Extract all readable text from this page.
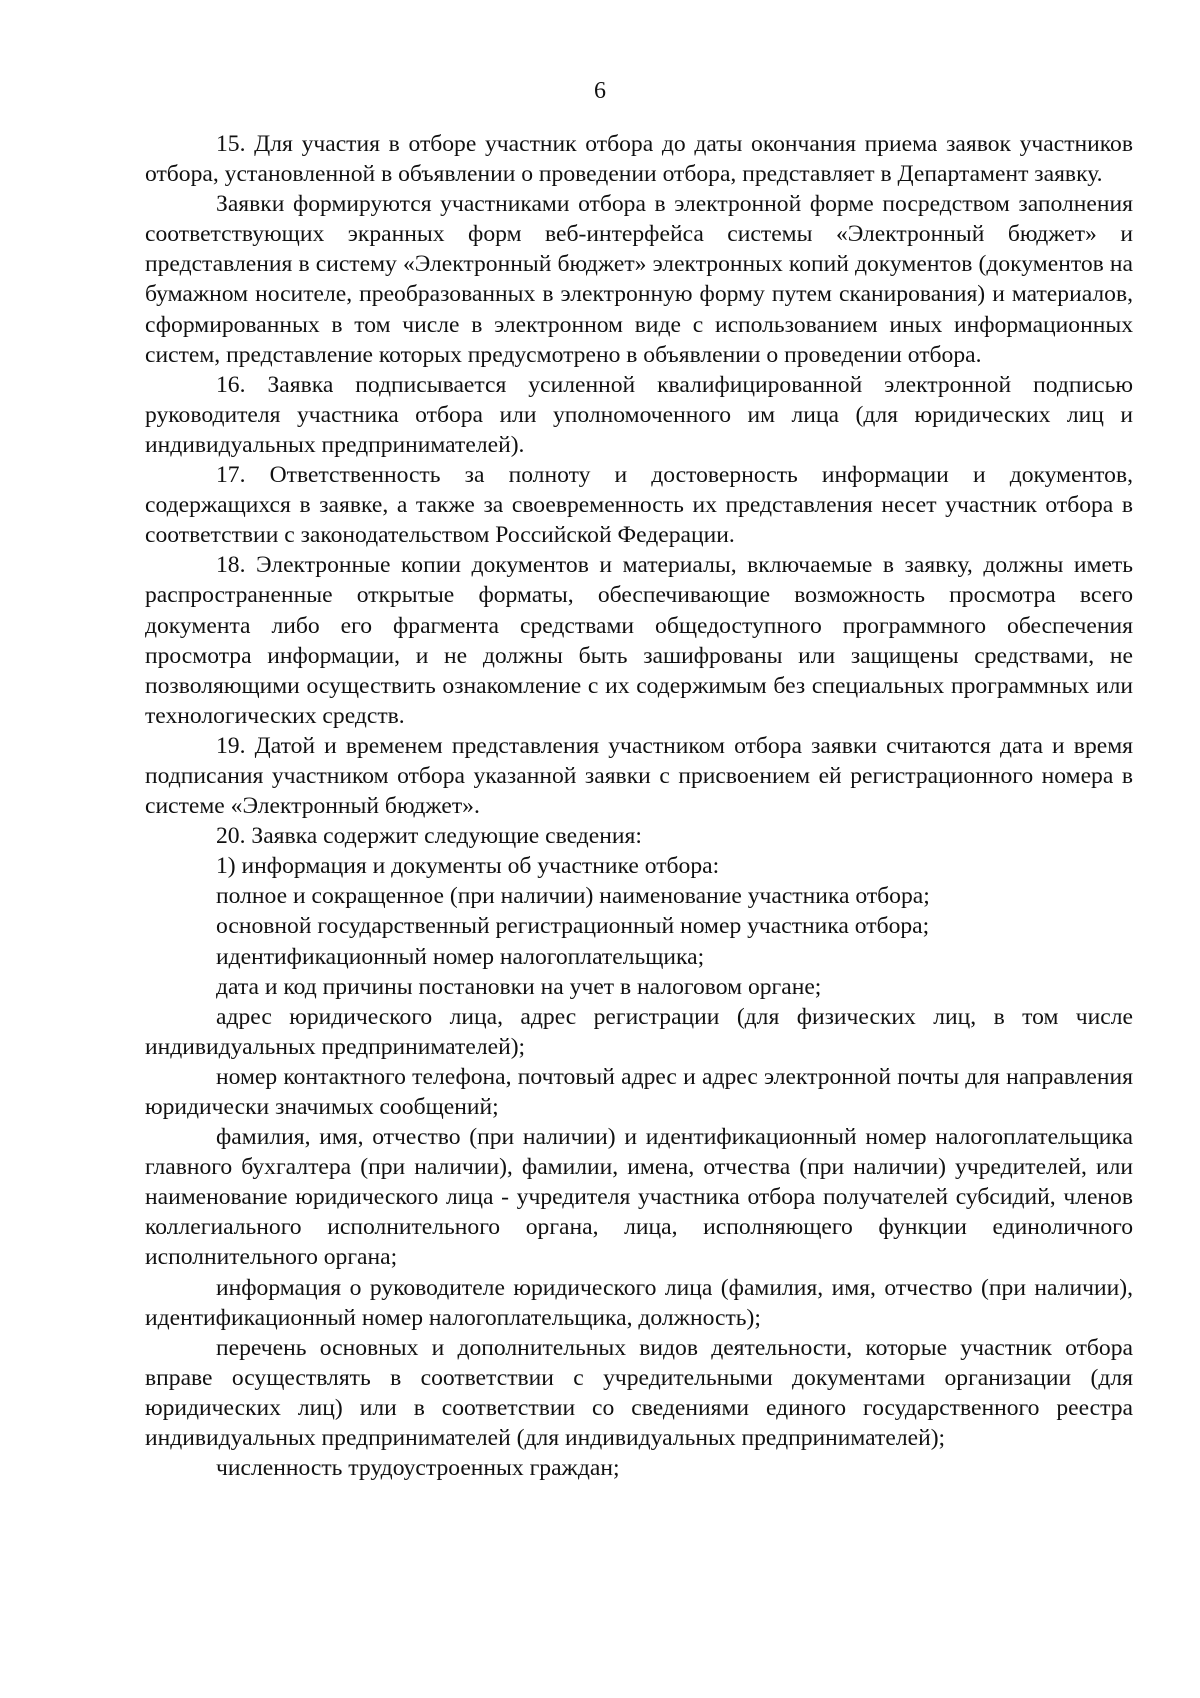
6

15. Для участия в отборе участник отбора до даты окончания приема заявок участников отбора, установленной в объявлении о проведении отбора, представляет в Департамент заявку.

Заявки формируются участниками отбора в электронной форме посредством заполнения соответствующих экранных форм веб-интерфейса системы «Электронный бюджет» и представления в систему «Электронный бюджет» электронных копий документов (документов на бумажном носителе, преобразованных в электронную форму путем сканирования) и материалов, сформированных в том числе в электронном виде с использованием иных информационных систем, представление которых предусмотрено в объявлении о проведении отбора.

16. Заявка подписывается усиленной квалифицированной электронной подписью руководителя участника отбора или уполномоченного им лица (для юридических лиц и индивидуальных предпринимателей).

17. Ответственность за полноту и достоверность информации и документов, содержащихся в заявке, а также за своевременность их представления несет участник отбора в соответствии с законодательством Российской Федерации.

18. Электронные копии документов и материалы, включаемые в заявку, должны иметь распространенные открытые форматы, обеспечивающие возможность просмотра всего документа либо его фрагмента средствами общедоступного программного обеспечения просмотра информации, и не должны быть зашифрованы или защищены средствами, не позволяющими осуществить ознакомление с их содержимым без специальных программных или технологических средств.

19. Датой и временем представления участником отбора заявки считаются дата и время подписания участником отбора указанной заявки с присвоением ей регистрационного номера в системе «Электронный бюджет».

20. Заявка содержит следующие сведения:

1) информация и документы об участнике отбора:

полное и сокращенное (при наличии) наименование участника отбора;

основной государственный регистрационный номер участника отбора;

идентификационный номер налогоплательщика;

дата и код причины постановки на учет в налоговом органе;

адрес юридического лица, адрес регистрации (для физических лиц, в том числе индивидуальных предпринимателей);

номер контактного телефона, почтовый адрес и адрес электронной почты для направления юридически значимых сообщений;

фамилия, имя, отчество (при наличии) и идентификационный номер налогоплательщика главного бухгалтера (при наличии), фамилии, имена, отчества (при наличии) учредителей, или наименование юридического лица - учредителя участника отбора получателей субсидий, членов коллегиального исполнительного органа, лица, исполняющего функции единоличного исполнительного органа;

информация о руководителе юридического лица (фамилия, имя, отчество (при наличии), идентификационный номер налогоплательщика, должность);

перечень основных и дополнительных видов деятельности, которые участник отбора вправе осуществлять в соответствии с учредительными документами организации (для юридических лиц) или в соответствии со сведениями единого государственного реестра индивидуальных предпринимателей (для индивидуальных предпринимателей);

численность трудоустроенных граждан;
